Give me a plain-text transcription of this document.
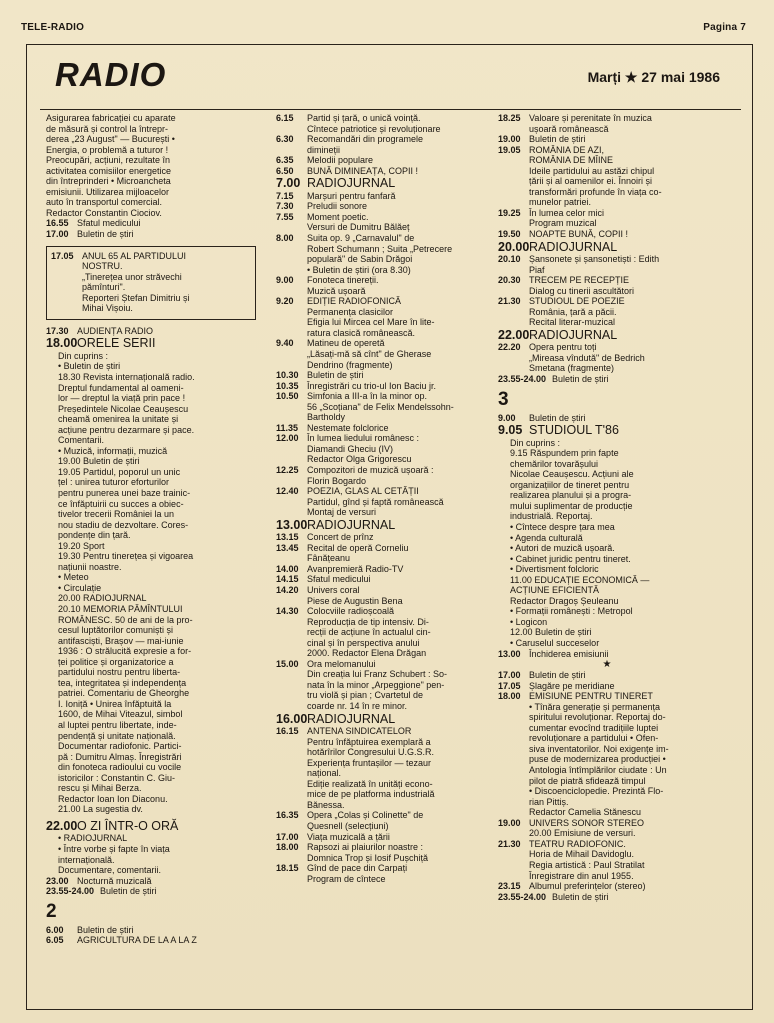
TELE-RADIO	Pagina 7
RADIO	Marți ★ 27 mai 1986
Asigurarea fabricației cu aparate
de măsură și control la întrepr-
derea „23 August" — București •
Energia, o problemă a tuturor !
Preocupări, acțiuni, rezultate în
activitatea comisiilor energetice
din întreprinderi • Microancheta
emisiunii. Utilizarea mijloacelor
auto în transportul comercial.
Redactor Constantin Ciociov.
16.55 Sfatul medicului
17.00 Buletin de știri
17.05 ANUL 65 AL PARTIDULUI
NOSTRU.
„Tinerețea unor străvechi
pămînturi".
Reporteri Ștefan Dimitriu și
Mihai Vișoiu.
17.30 AUDIENȚA RADIO
18.00 ORELE SERII
Din cuprins :
• Buletin de știri
18.30 Revista internațională radio.
Dreptul fundamental al oameni-
lor — dreptul la viață prin pace !
Președintele Nicolae Ceaușescu
cheamă omenirea la unitate și
acțiune pentru dezarmare și pace.
Comentarii.
• Muzică, informații, muzică
19.00 Buletin de știri
19.05 Partidul, poporul un unic
țel : unirea tuturor eforturilor
pentru punerea unei baze trainic-
ce înfăptuirii cu succes a obiec-
tivelor trecerii României la un
nou stadiu de dezvoltare. Cores-
pondențe din țară.
19.20 Sport
19.30 Pentru tinerețea și vigoarea
națiunii noastre.
• Meteo
• Circulație
20.00 RADIOJURNAL
20.10 MEMORIA PĂMÎNTULUI
ROMÂNESC. 50 de ani de la pro-
cesul luptătorilor comuniști și
antifasciști, Brașov — mai-iunie
1936 : O strălucită expresie a for-
ței politice și organizatorice a
partidului nostru pentru liberta-
tea, integritatea și independența
patriei. Comentariu de Gheorghe
I. Ioniță • Unirea înfăptuită la
1600, de Mihai Viteazul, simbol
al luptei pentru libertate, inde-
pendență și unitate națională.
Documentar radiofonic. Partici-
pă : Dumitru Almaș. Înregistrări
din fonoteca radioului cu vocile
istoricilor : Constantin C. Giu-
rescu și Mihai Berza.
Redactor Ioan Ion Diaconu.
21.00 La sugestia dv.
22.00 O ZI ÎNTR-O ORĂ
• RADIOJURNAL
• Între vorbe și fapte în viața
internațională.
Documentare, comentarii.
23.00 Nocturnă muzicală
23.55-24.00 Buletin de știri
2
6.00 Buletin de știri
6.05 AGRICULTURA DE LA A LA Z
6.15 Partid și țară, o unică voință.
Cîntece patriotice și revoluționare
6.30 Recomandări din programele
dimineții
6.35 Melodii populare
6.50 BUNĂ DIMINEAȚA, COPII !
7.00 RADIOJURNAL
7.15 Marșuri pentru fanfară
7.30 Preludii sonore
7.55 Moment poetic.
Versuri de Dumitru Bălăeț
8.00 Suita op. 9 „Carnavalul" de
Robert Schumann ; Suita „Petrecere
populară" de Sabin Drăgoi
• Buletin de știri (ora 8.30)
9.00 Fonoteca tinereții.
Muzică ușoară
9.20 EDIȚIE RADIOFONICĂ
Permanența clasicilor
Efigia lui Mircea cel Mare în lite-
ratura clasică românească.
9.40 Matineu de operetă
„Lăsați-mă să cînt" de Gherase
Dendrino (fragmente)
10.30 Buletin de știri
10.35 Înregistrări cu trio-ul Ion Baciu jr.
10.50 Simfonia a III-a în la minor op.
56 „Scoțiana" de Felix Mendelssohn-
Bartholdy
11.35 Nestemate folclorice
12.00 În lumea liedului românesc :
Diamandi Gheciu (IV)
Redactor Olga Grigorescu
12.25 Compozitori de muzică ușoară :
Florin Bogardo
12.40 POEZIA, GLAS AL CETĂȚII
Partidul, gînd și faptă românească
Montaj de versuri
13.00 RADIOJURNAL
13.15 Concert de prînz
13.45 Recital de operă Corneliu
Fânățeanu
14.00 Avanpremieră Radio-TV
14.15 Sfatul medicului
14.20 Univers coral
Piese de Augustin Bena
14.30 Colocviile radioșcoală
Reproducția de tip intensiv. Di-
recții de acțiune în actualul cin-
cinal și în perspectiva anului
2000. Redactor Elena Drăgan
15.00 Ora melomanului
Din creația lui Franz Schubert : So-
nata în la minor „Arpeggione" pen-
tru violă și pian ; Cvartetul de
coarde nr. 14 în re minor.
16.00 RADIOJURNAL
16.15 ANTENA SINDICATELOR
Pentru înfăptuirea exemplară a
hotărîrilor Congresului U.G.S.R.
Experiența fruntașilor — tezaur
național.
Ediție realizată în unități econo-
mice de pe platforma industrială
Bănessa.
16.35 Opera „Colas și Colinette" de
Quesnell (selecțiuni)
17.00 Viața muzicală a țării
18.00 Rapsozi ai plaiurilor noastre :
Domnica Trop și Iosif Pușchiță
18.15 Gînd de pace din Carpați
Program de cîntece
18.25 Valoare și perenitate în muzica
ușoară românească
19.00 Buletin de știri
19.05 ROMÂNIA DE AZI,
ROMÂNIA DE MÎINE
Ideile partidului au astăzi chipul
țării și al oamenilor ei. Înnoiri și
transformări profunde în viața co-
munelor patriei.
19.25 În lumea celor mici
Program muzical
19.50 NOAPTE BUNĂ, COPII !
20.00 RADIOJURNAL
20.10 Șansonete și șansonetiști : Edith
Piaf
20.30 TRECEM PE RECEPȚIE
Dialog cu tinerii ascultători
21.30 STUDIOUL DE POEZIE
România, țară a păcii.
Recital literar-muzical
22.00 RADIOJURNAL
22.20 Opera pentru toți
„Mireasa vîndută" de Bedrich
Smetana (fragmente)
23.55-24.00 Buletin de știri
3
9.00 Buletin de știri
9.05 STUDIOUL T'86
Din cuprins :
9.15 Răspundem prin fapte
chemărilor tovarășului
Nicolae Ceaușescu. Acțiuni ale
organizațiilor de tineret pentru
realizarea planului și a progra-
mului suplimentar de producție
industrială. Reportaj.
• Cîntece despre țara mea
• Agenda culturală
• Autori de muzică ușoară.
• Cabinet juridic pentru tineret.
• Divertisment folcloric
11.00 EDUCAȚIE ECONOMICĂ —
ACȚIUNE EFICIENTĂ
Redactor Dragoș Șeuleanu
• Formații românești : Metropol
• Logicon
12.00 Buletin de știri
• Caruselul succeselor
13.00 Închiderea emisiunii
★
17.00 Buletin de știri
17.05 Șlagăre pe meridiane
18.00 EMISIUNE PENTRU TINERET
• Tînăra generație și permanența
spiritului revoluționar. Reportaj do-
cumentar evocînd tradițiile luptei
revoluționare a partidului • Ofen-
siva inventatorilor. Noi exigențe im-
puse de modernizarea producției •
Antologia întîmplărilor ciudate : Un
pilot de piatră sfidează timpul
• Discoenciclopedie. Prezintă Flo-
rian Pittiș.
Redactor Camelia Stănescu
19.00 UNIVERS SONOR STEREO
20.00 Emisiune de versuri.
21.30 TEATRU RADIOFONIC.
Horia de Mihail Davidoglu.
Regia artistică : Paul Stratilat
Înregistrare din anul 1955.
23.15 Albumul preferințelor (stereo)
23.55-24.00 Buletin de știri
